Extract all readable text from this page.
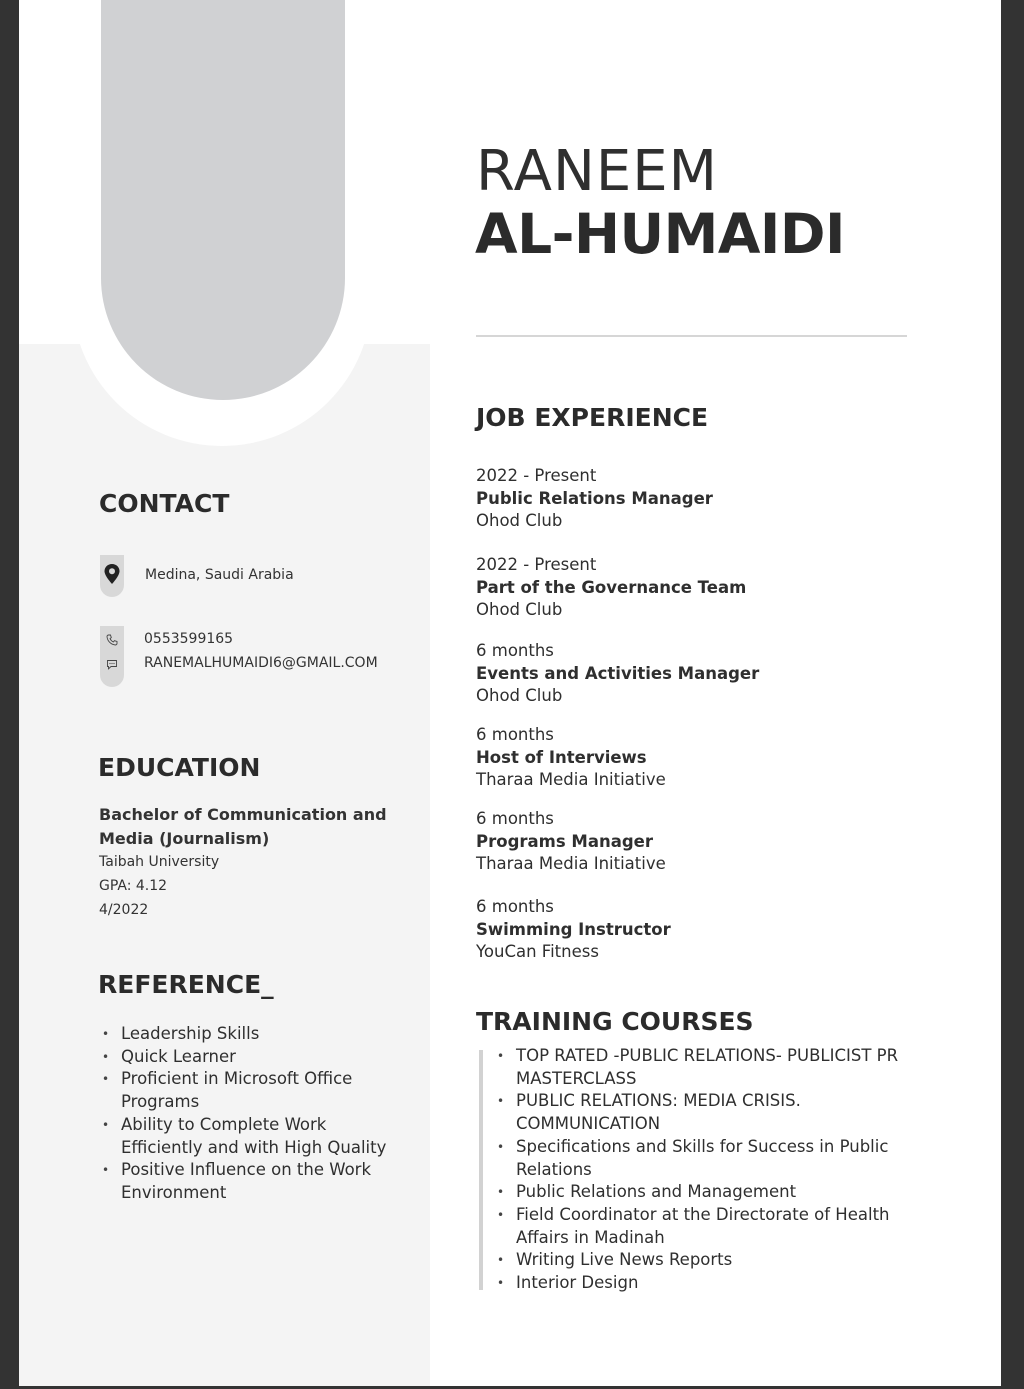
RANEEM
AL-HUMAIDI
CONTACT
Medina, Saudi Arabia
0553599165
RANEMALHUMAIDI6@GMAIL.COM
EDUCATION
Bachelor of Communication and Media (Journalism)
Taibah University
GPA: 4.12
4/2022
REFERENCE_
• Leadership Skills
• Quick Learner
• Proficient in Microsoft Office Programs
• Ability to Complete Work Efficiently and with High Quality
• Positive Influence on the Work Environment
JOB EXPERIENCE
2022 - Present
Public Relations Manager
Ohod Club
2022 - Present
Part of the Governance Team
Ohod Club
6 months
Events and Activities Manager
Ohod Club
6 months
Host of Interviews
Tharaa Media Initiative
6 months
Programs Manager
Tharaa Media Initiative
6 months
Swimming Instructor
YouCan Fitness
TRAINING COURSES
• TOP RATED -PUBLIC RELATIONS- PUBLICIST PR MASTERCLASS
• PUBLIC RELATIONS: MEDIA CRISIS. COMMUNICATION
• Specifications and Skills for Success in Public Relations
• Public Relations and Management
• Field Coordinator at the Directorate of Health Affairs in Madinah
• Writing Live News Reports
• Interior Design
